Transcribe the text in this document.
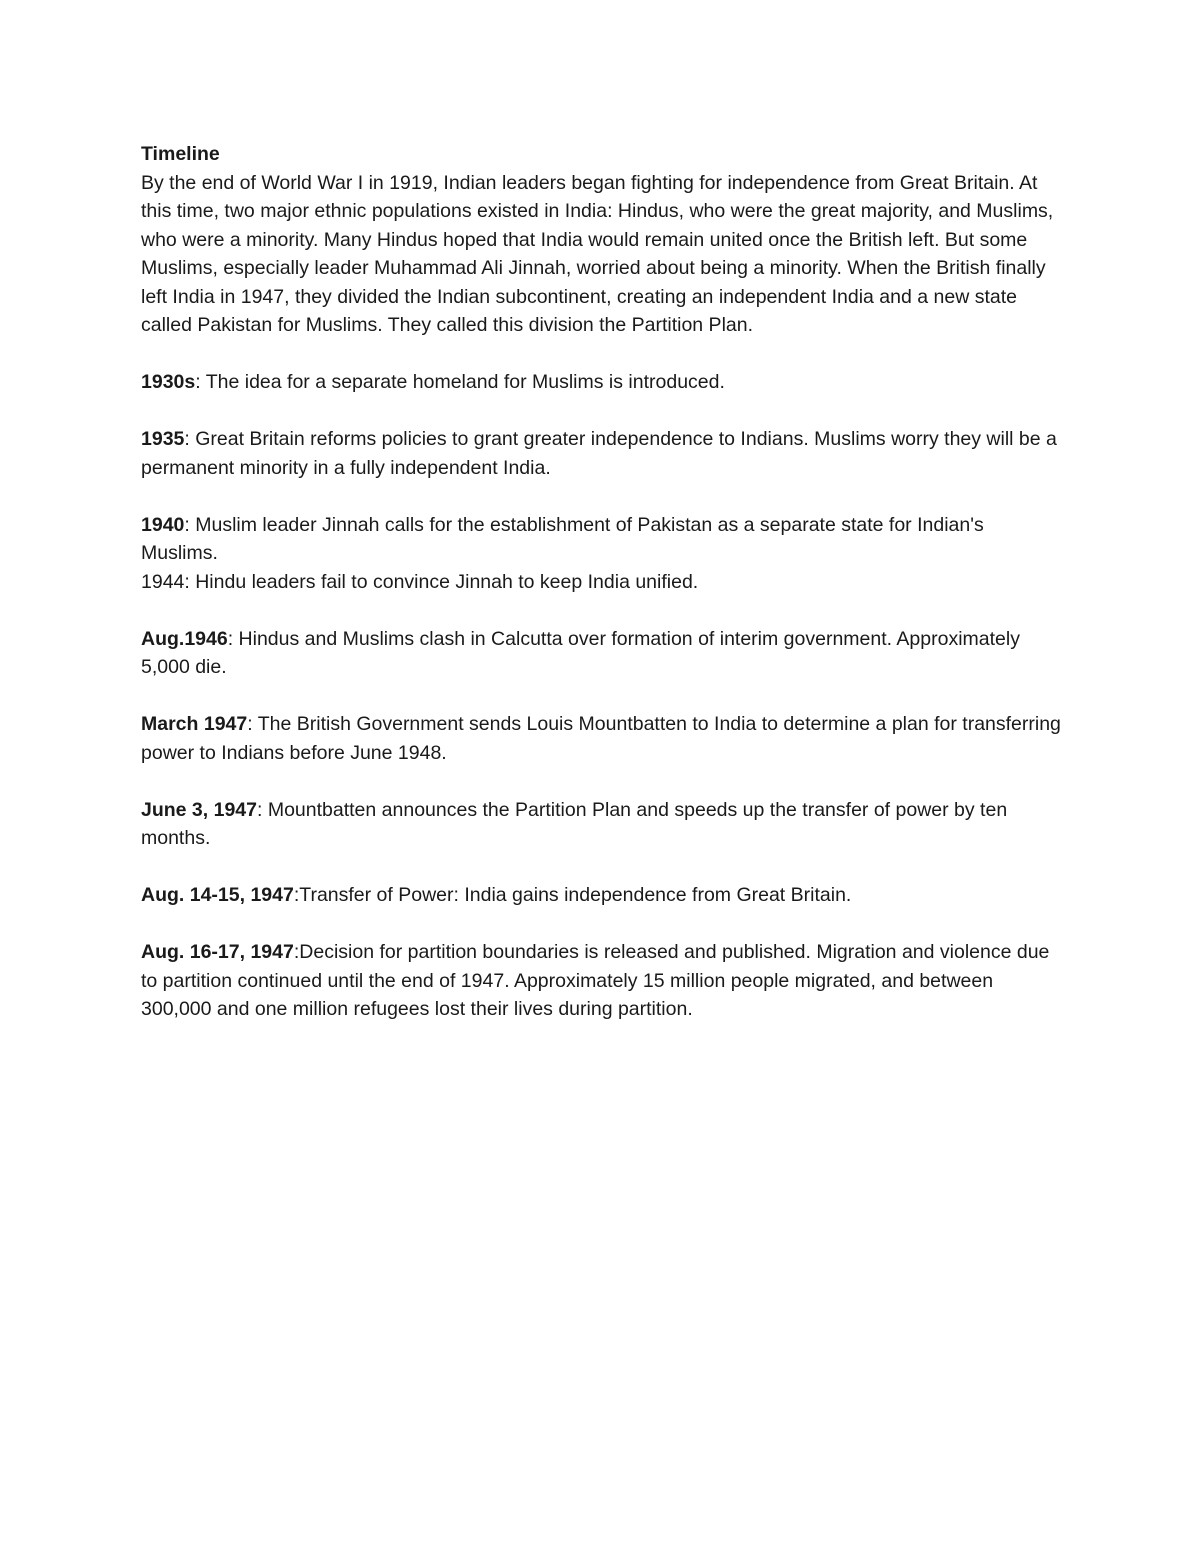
Timeline

By the end of World War I in 1919, Indian leaders began fighting for independence from Great Britain. At this time, two major ethnic populations existed in India: Hindus, who were the great majority, and Muslims, who were a minority. Many Hindus hoped that India would remain united once the British left. But some Muslims, especially leader Muhammad Ali Jinnah, worried about being a minority. When the British finally left India in 1947, they divided the Indian subcontinent, creating an independent India and a new state called Pakistan for Muslims. They called this division the Partition Plan.

1930s: The idea for a separate homeland for Muslims is introduced.

1935: Great Britain reforms policies to grant greater independence to Indians. Muslims worry they will be a permanent minority in a fully independent India.

1940: Muslim leader Jinnah calls for the establishment of Pakistan as a separate state for Indian's Muslims.

1944: Hindu leaders fail to convince Jinnah to keep India unified.

Aug.1946: Hindus and Muslims clash in Calcutta over formation of interim government. Approximately 5,000 die.

March 1947: The British Government sends Louis Mountbatten to India to determine a plan for transferring power to Indians before June 1948.

June 3, 1947: Mountbatten announces the Partition Plan and speeds up the transfer of power by ten months.

Aug. 14-15, 1947:Transfer of Power: India gains independence from Great Britain.

Aug. 16-17, 1947:Decision for partition boundaries is released and published. Migration and violence due to partition continued until the end of 1947. Approximately 15 million people migrated, and between 300,000 and one million refugees lost their lives during partition.
